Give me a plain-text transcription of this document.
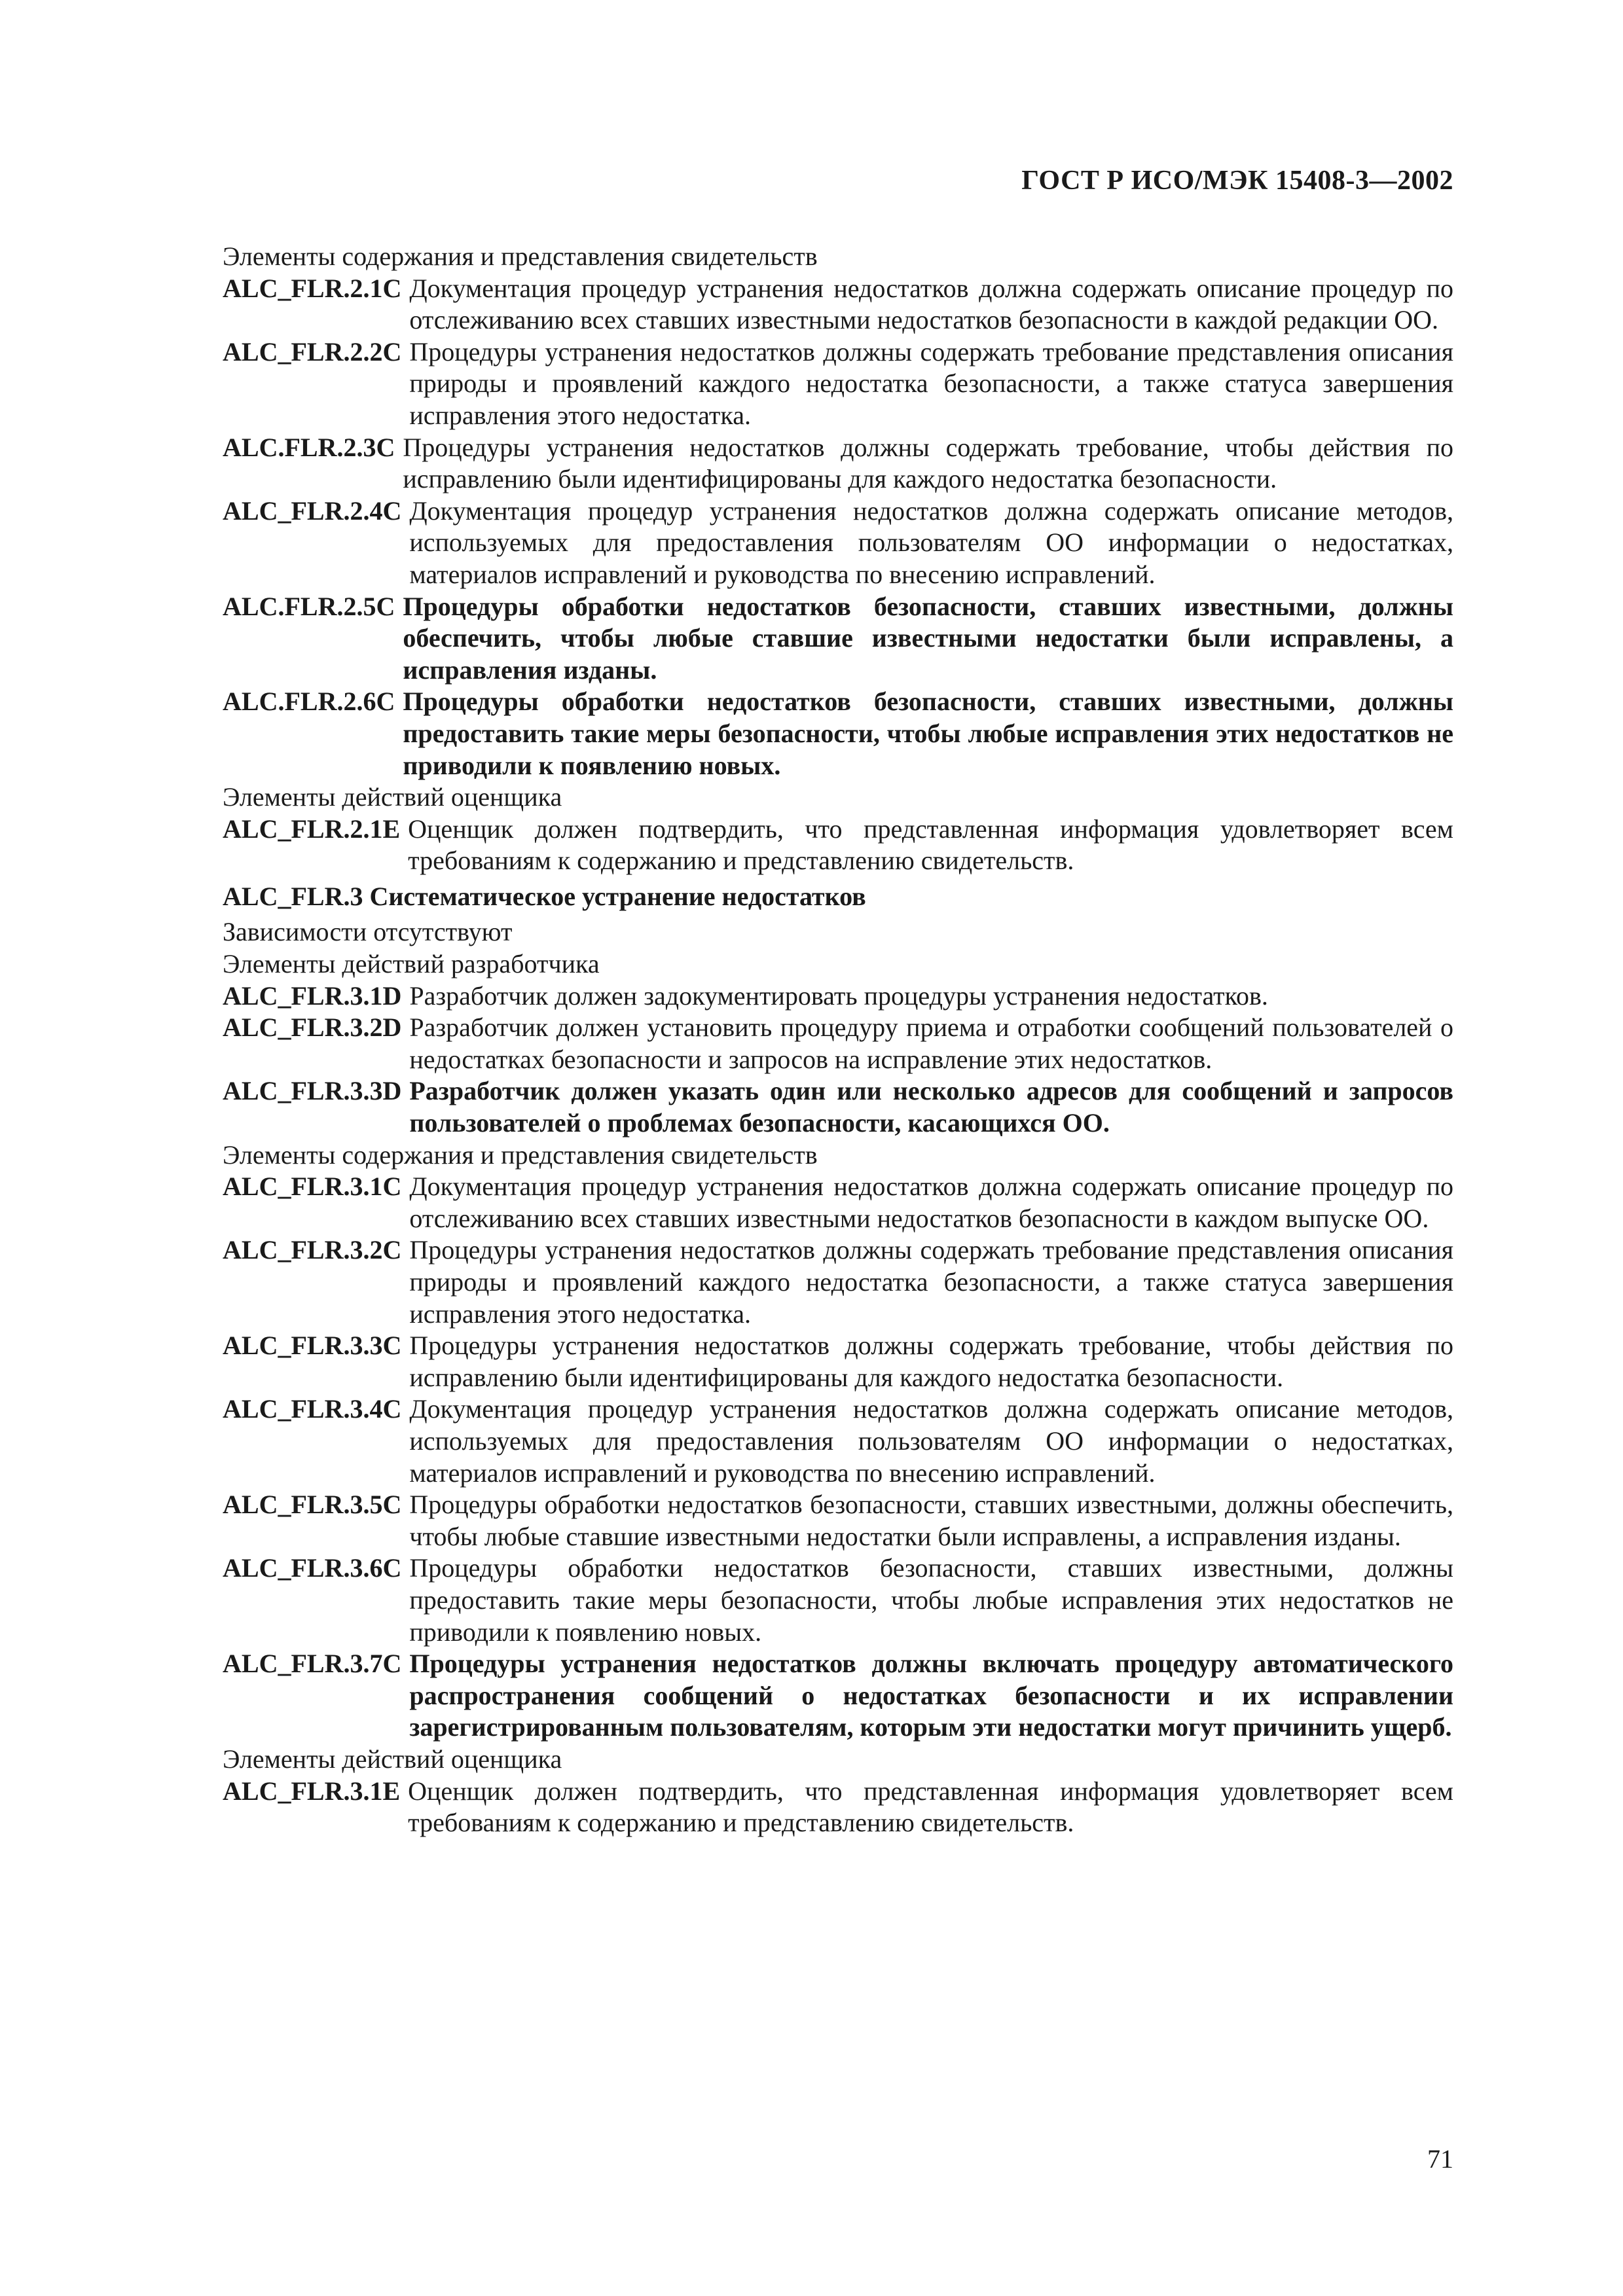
ГОСТ Р ИСО/МЭК 15408-3—2002
Элементы содержания и представления свидетельств
ALC_FLR.2.1C Документация процедур устранения недостатков должна содержать описание процедур по отслеживанию всех ставших известными недостатков безопасности в каждой редакции ОО.
ALC_FLR.2.2C Процедуры устранения недостатков должны содержать требование представления описания природы и проявлений каждого недостатка безопасности, а также статуса завершения исправления этого недостатка.
ALC.FLR.2.3C Процедуры устранения недостатков должны содержать требование, чтобы действия по исправлению были идентифицированы для каждого недостатка безопасности.
ALC_FLR.2.4C Документация процедур устранения недостатков должна содержать описание методов, используемых для предоставления пользователям ОО информации о недостатках, материалов исправлений и руководства по внесению исправлений.
ALC.FLR.2.5C Процедуры обработки недостатков безопасности, ставших известными, должны обеспечить, чтобы любые ставшие известными недостатки были исправлены, а исправления изданы.
ALC.FLR.2.6C Процедуры обработки недостатков безопасности, ставших известными, должны предоставить такие меры безопасности, чтобы любые исправления этих недостатков не приводили к появлению новых.
Элементы действий оценщика
ALC_FLR.2.1E Оценщик должен подтвердить, что представленная информация удовлетворяет всем требованиям к содержанию и представлению свидетельств.
ALC_FLR.3 Систематическое устранение недостатков
Зависимости отсутствуют
Элементы действий разработчика
ALC_FLR.3.1D Разработчик должен задокументировать процедуры устранения недостатков.
ALC_FLR.3.2D Разработчик должен установить процедуру приема и отработки сообщений пользователей о недостатках безопасности и запросов на исправление этих недостатков.
ALC_FLR.3.3D Разработчик должен указать один или несколько адресов для сообщений и запросов пользователей о проблемах безопасности, касающихся ОО.
Элементы содержания и представления свидетельств
ALC_FLR.3.1C Документация процедур устранения недостатков должна содержать описание процедур по отслеживанию всех ставших известными недостатков безопасности в каждом выпуске ОО.
ALC_FLR.3.2C Процедуры устранения недостатков должны содержать требование представления описания природы и проявлений каждого недостатка безопасности, а также статуса завершения исправления этого недостатка.
ALC_FLR.3.3C Процедуры устранения недостатков должны содержать требование, чтобы действия по исправлению были идентифицированы для каждого недостатка безопасности.
ALC_FLR.3.4C Документация процедур устранения недостатков должна содержать описание методов, используемых для предоставления пользователям ОО информации о недостатках, материалов исправлений и руководства по внесению исправлений.
ALC_FLR.3.5C Процедуры обработки недостатков безопасности, ставших известными, должны обеспечить, чтобы любые ставшие известными недостатки были исправлены, а исправления изданы.
ALC_FLR.3.6C Процедуры обработки недостатков безопасности, ставших известными, должны предоставить такие меры безопасности, чтобы любые исправления этих недостатков не приводили к появлению новых.
ALC_FLR.3.7C Процедуры устранения недостатков должны включать процедуру автоматического распространения сообщений о недостатках безопасности и их исправлении зарегистрированным пользователям, которым эти недостатки могут причинить ущерб.
Элементы действий оценщика
ALC_FLR.3.1E Оценщик должен подтвердить, что представленная информация удовлетворяет всем требованиям к содержанию и представлению свидетельств.
71
